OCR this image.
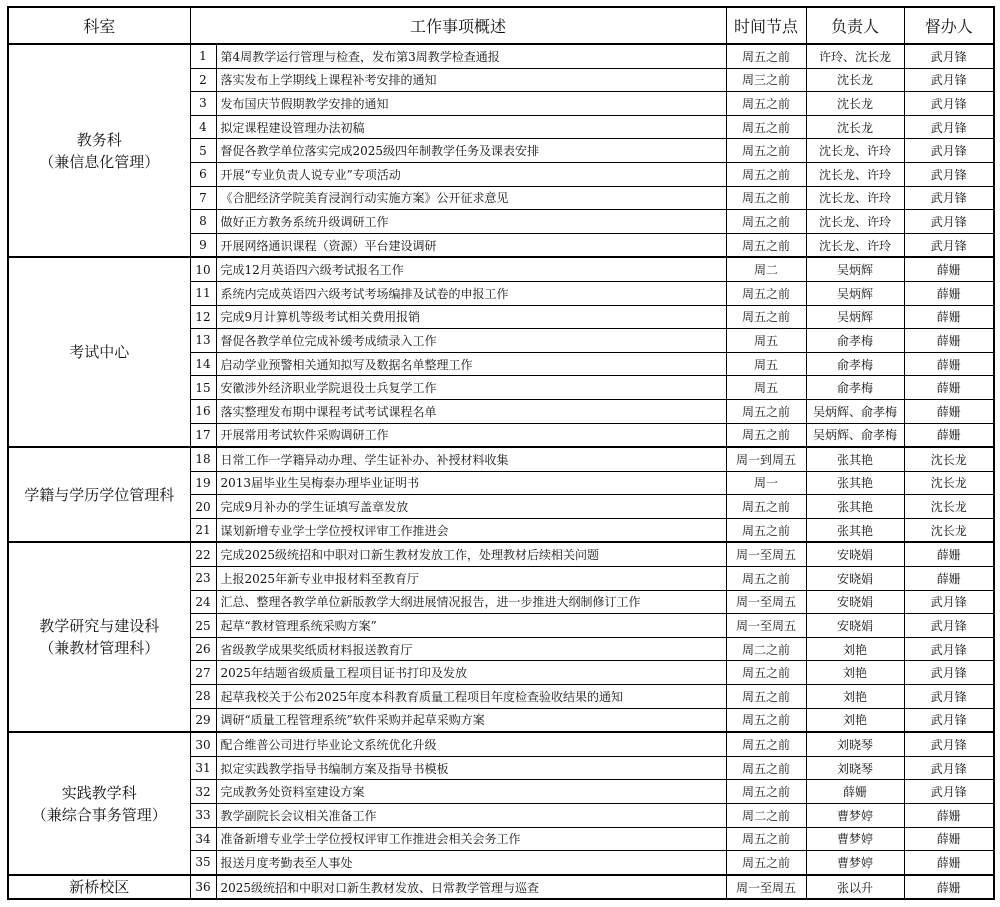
科室	工作事项概述		时间节点	负责人	督办人

教务科
（兼信息化管理）	1	第4周教学运行管理与检查，发布第3周教学检查通报	周五之前	许玲、沈长龙	武月锋
	2	落实发布上学期线上课程补考安排的通知	周三之前	沈长龙	武月锋
	3	发布国庆节假期教学安排的通知	周五之前	沈长龙	武月锋
	4	拟定课程建设管理办法初稿	周五之前	沈长龙	武月锋
	5	督促各教学单位落实完成2025级四年制教学任务及课表安排	周五之前	沈长龙、许玲	武月锋
	6	开展“专业负责人说专业”专项活动	周五之前	沈长龙、许玲	武月锋
	7	《合肥经济学院美育浸润行动实施方案》公开征求意见	周五之前	沈长龙、许玲	武月锋
	8	做好正方教务系统升级调研工作	周五之前	沈长龙、许玲	武月锋
	9	开展网络通识课程（资源）平台建设调研	周五之前	沈长龙、许玲	武月锋

考试中心	10	完成12月英语四六级考试报名工作	周二	吴炳辉	薛姗
	11	系统内完成英语四六级考试考场编排及试卷的申报工作	周五之前	吴炳辉	薛姗
	12	完成9月计算机等级考试相关费用报销	周五之前	吴炳辉	薛姗
	13	督促各教学单位完成补缓考成绩录入工作	周五	俞孝梅	薛姗
	14	启动学业预警相关通知拟写及数据名单整理工作	周五	俞孝梅	薛姗
	15	安徽涉外经济职业学院退役士兵复学工作	周五	俞孝梅	薛姗
	16	落实整理发布期中课程考试考试课程名单	周五之前	吴炳辉、俞孝梅	薛姗
	17	开展常用考试软件采购调研工作	周五之前	吴炳辉、俞孝梅	薛姗

学籍与学历学位管理科	18	日常工作一学籍异动办理、学生证补办、补授材料收集	周一到周五	张其艳	沈长龙
	19	2013届毕业生吴梅泰办理毕业证明书	周一	张其艳	沈长龙
	20	完成9月补办的学生证填写盖章发放	周五之前	张其艳	沈长龙
	21	谋划新增专业学士学位授权评审工作推进会	周五之前	张其艳	沈长龙

教学研究与建设科
（兼教材管理科）	22	完成2025级统招和中职对口新生教材发放工作，处理教材后续相关问题	周一至周五	安晓娟	薛姗
	23	上报2025年新专业申报材料至教育厅	周五之前	安晓娟	薛姗
	24	汇总、整理各教学单位新版教学大纲进展情况报告，进一步推进大纲制修订工作	周一至周五	安晓娟	武月锋
	25	起草“教材管理系统采购方案”	周一至周五	安晓娟	武月锋
	26	省级教学成果奖纸质材料报送教育厅	周二之前	刘艳	武月锋
	27	2025年结题省级质量工程项目证书打印及发放	周五之前	刘艳	武月锋
	28	起草我校关于公布2025年度本科教育质量工程项目年度检查验收结果的通知	周五之前	刘艳	武月锋
	29	调研“质量工程管理系统”软件采购并起草采购方案	周五之前	刘艳	武月锋

实践教学科
（兼综合事务管理）	30	配合维普公司进行毕业论文系统优化升级	周五之前	刘晓琴	武月锋
	31	拟定实践教学指导书编制方案及指导书模板	周五之前	刘晓琴	武月锋
	32	完成教务处资料室建设方案	周五之前	薛姗	武月锋
	33	教学副院长会议相关准备工作	周二之前	曹梦婷	薛姗
	34	准备新增专业学士学位授权评审工作推进会相关会务工作	周五之前	曹梦婷	薛姗
	35	报送月度考勤表至人事处	周五之前	曹梦婷	薛姗

新桥校区	36	2025级统招和中职对口新生教材发放、日常教学管理与巡查	周一至周五	张以升	薛姗
